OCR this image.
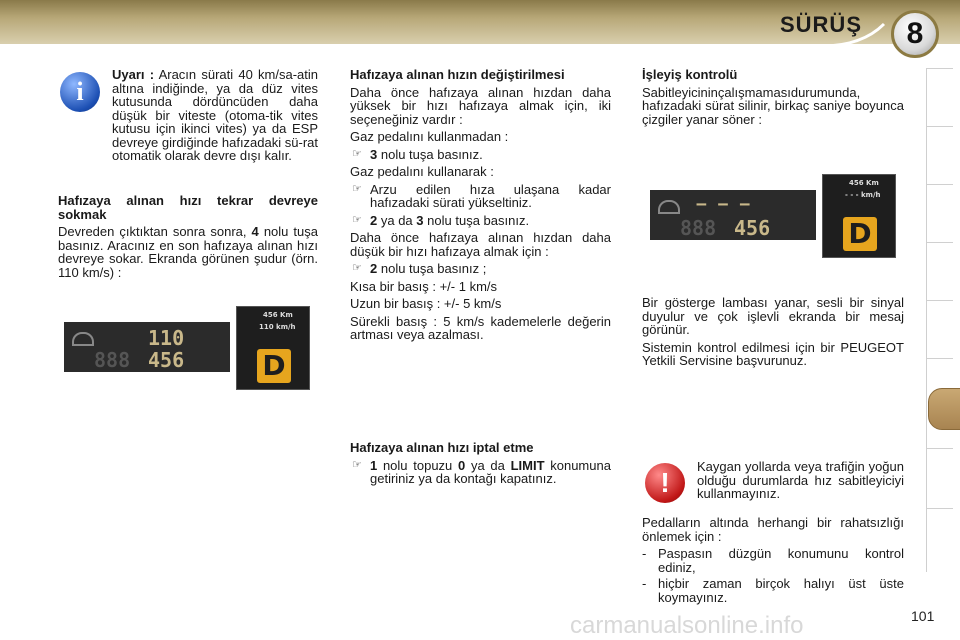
SÜRÜŞ	8
i

Uyarı : Aracın sürati 40 km/sa-atin altına indiğinde, ya da düz vites kutusunda dördüncüden daha düşük bir viteste (otoma-tik vites kutusu için ikinci vites) ya da ESP devreye girdiğinde hafızadaki sü-rat otomatik olarak devre dışı kalır.

Hafızaya alınan hızı tekrar devreye sokmak

Devreden çıktıktan sonra sonra, 4 nolu tuşa basınız. Aracınız en son hafızaya alınan hızı devreye sokar. Ekranda görünen şudur (örn. 110 km/s) :

110
456
888
456 Km
110 km/h
D

Hafızaya alınan hızın değiştirilmesi

Daha önce hafızaya alınan hızdan daha yüksek bir hızı hafızaya almak için, iki seçeneğiniz vardır :

Gaz pedalını kullanmadan :

☞ 3 nolu tuşa basınız.

Gaz pedalını kullanarak :

☞ Arzu edilen hıza ulaşana kadar hafızadaki sürati yükseltiniz.
☞ 2 ya da 3 nolu tuşa basınız.

Daha önce hafızaya alınan hızdan daha düşük bir hızı hafızaya almak için :

☞ 2 nolu tuşa basınız ;

Kısa bir basış : +/- 1 km/s

Uzun bir basış : +/- 5 km/s

Sürekli basış : 5 km/s kademelerle değerin artması veya azalması.

Hafızaya alınan hızı iptal etme

☞ 1 nolu topuzu 0 ya da LIMIT konumuna getiriniz ya da kontağı kapatınız.

İşleyiş kontrolü

Sabitleyicininçalışmamasıdurumunda, hafızadaki sürat silinir, birkaç saniye boyunca çizgiler yanar söner :

− − −
456
888
456 Km
- - - km/h
D

Bir gösterge lambası yanar, sesli bir sinyal duyulur ve çok işlevli ekranda bir mesaj görünür.

Sistemin kontrol edilmesi için bir PEUGEOT Yetkili Servisine başvurunuz.

!

Kaygan yollarda veya trafiğin yoğun olduğu durumlarda hız sabitleyiciyi kullanmayınız.

Pedalların altında herhangi bir rahatsızlığı önlemek için :

- Paspasın düzgün konumunu kontrol ediniz,
- hiçbir zaman birçok halıyı üst üste koymayınız.
carmanualsonline.info	101
